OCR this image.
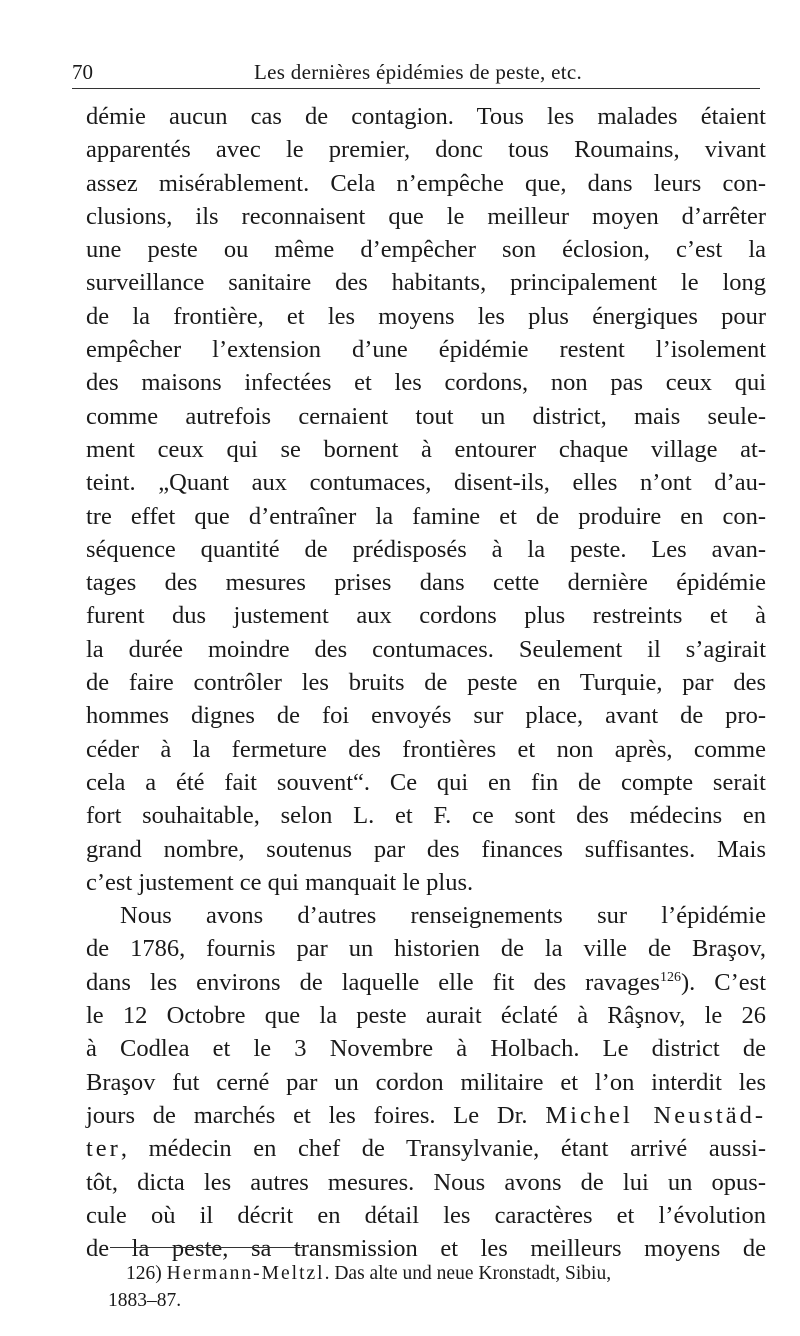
70	Les dernières épidémies de peste, etc.
démie aucun cas de contagion. Tous les malades étaient
apparentés avec le premier, donc tous Roumains, vivant
assez misérablement. Cela n’empêche que, dans leurs con-
clusions, ils reconnaisent que le meilleur moyen d’arrêter
une peste ou même d’empêcher son éclosion, c’est la
surveillance sanitaire des habitants, principalement le long
de la frontière, et les moyens les plus énergiques pour
empêcher l’extension d’une épidémie restent l’isolement
des maisons infectées et les cordons, non pas ceux qui
comme autrefois cernaient tout un district, mais seule-
ment ceux qui se bornent à entourer chaque village at-
teint. „Quant aux contumaces, disent-ils, elles n’ont d’au-
tre effet que d’entraîner la famine et de produire en con-
séquence quantité de prédisposés à la peste. Les avan-
tages des mesures prises dans cette dernière épidémie
furent dus justement aux cordons plus restreints et à
la durée moindre des contumaces. Seulement il s’agirait
de faire contrôler les bruits de peste en Turquie, par des
hommes dignes de foi envoyés sur place, avant de pro-
céder à la fermeture des frontières et non après, comme
cela a été fait souvent“. Ce qui en fin de compte serait
fort souhaitable, selon L. et F. ce sont des médecins en
grand nombre, soutenus par des finances suffisantes. Mais
c’est justement ce qui manquait le plus.
Nous avons d’autres renseignements sur l’épidémie
de 1786, fournis par un historien de la ville de Braşov,
dans les environs de laquelle elle fit des ravages$^{126}$). C’est
le 12 Octobre que la peste aurait éclaté à Râşnov, le 26
à Codlea et le 3 Novembre à Holbach. Le district de
Braşov fut cerné par un cordon militaire et l’on interdit les
jours de marchés et les foires. Le Dr. Michel Neustäd-
ter, médecin en chef de Transylvanie, étant arrivé aussi-
tôt, dicta les autres mesures. Nous avons de lui un opus-
cule où il décrit en détail les caractères et l’évolution
de la peste, sa transmission et les meilleurs moyens de
126) Hermann-Meltzl. Das alte und neue Kronstadt, Sibiu,
1883–87.
